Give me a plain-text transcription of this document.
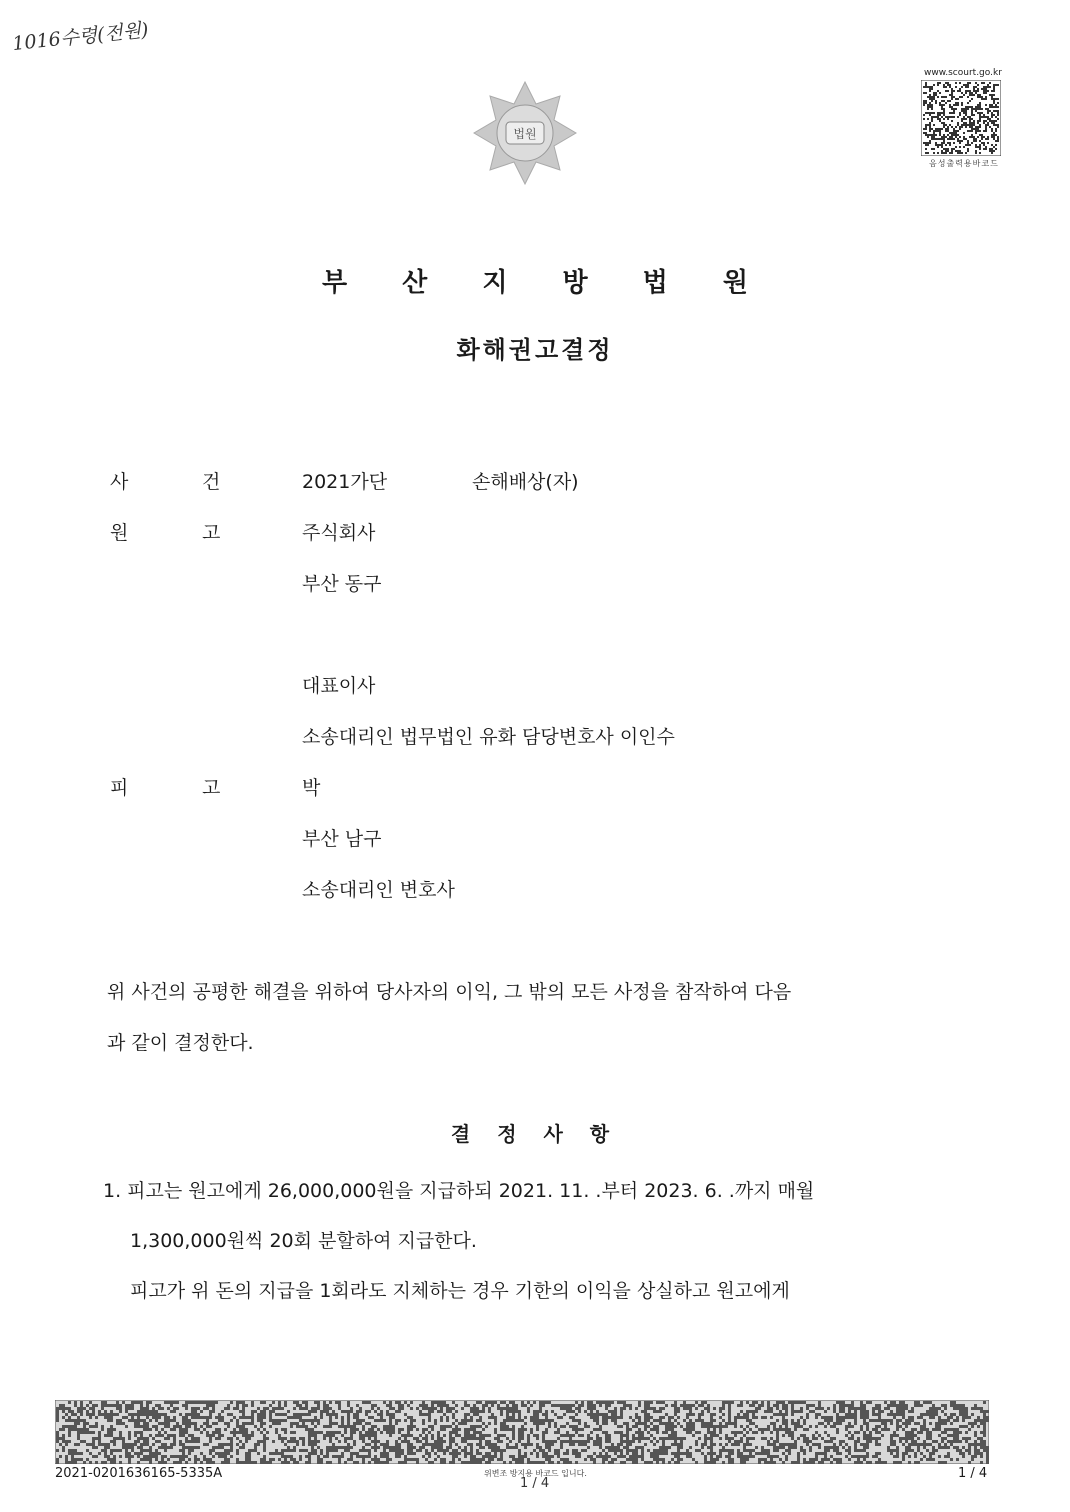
1016수령(전원)
법원
www.scourt.go.kr
음성출력용바코드
부 산 지 방 법 원
화해권고결정
사	건	2021가단	손해배상(자)
원	고	주식회사
부산 동구
대표이사
소송대리인 법무법인 유화 담당변호사 이인수
피	고	박
부산 남구
소송대리인 변호사
위 사건의 공평한 해결을 위하여 당사자의 이익, 그 밖의 모든 사정을 참작하여 다음
과 같이 결정한다.
결 정 사 항
1. 피고는 원고에게 26,000,000원을 지급하되 2021. 11. .부터 2023. 6. .까지 매월
1,300,000원씩 20회 분할하여 지급한다.
피고가 위 돈의 지급을 1회라도 지체하는 경우 기한의 이익을 상실하고 원고에게
2021-0201636165-5335A	위변조 방지용 바코드 입니다.
1 / 4
1 / 4
